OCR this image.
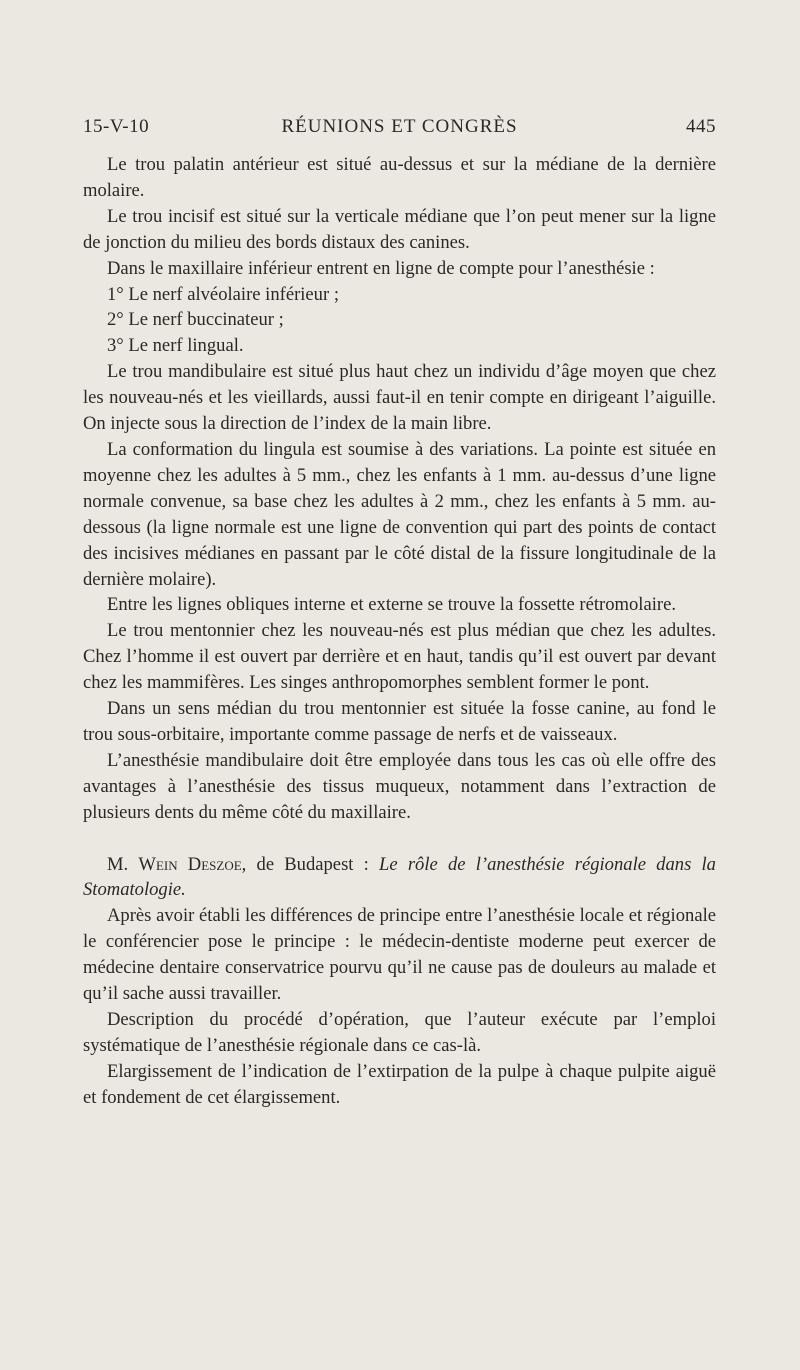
15-V-10	RÉUNIONS ET CONGRÈS	445

Le trou palatin antérieur est situé au-dessus et sur la médiane de la dernière molaire.

Le trou incisif est situé sur la verticale médiane que l’on peut mener sur la ligne de jonction du milieu des bords distaux des canines.

Dans le maxillaire inférieur entrent en ligne de compte pour l’anesthésie :

1° Le nerf alvéolaire inférieur ;

2° Le nerf buccinateur ;

3° Le nerf lingual.

Le trou mandibulaire est situé plus haut chez un individu d’âge moyen que chez les nouveau-nés et les vieillards, aussi faut-il en tenir compte en dirigeant l’aiguille. On injecte sous la direction de l’index de la main libre.

La conformation du lingula est soumise à des variations. La pointe est située en moyenne chez les adultes à 5 mm., chez les enfants à 1 mm. au-dessus d’une ligne normale convenue, sa base chez les adultes à 2 mm., chez les enfants à 5 mm. au-dessous (la ligne normale est une ligne de convention qui part des points de contact des incisives médianes en passant par le côté distal de la fissure longitudinale de la dernière molaire).

Entre les lignes obliques interne et externe se trouve la fossette rétromolaire.

Le trou mentonnier chez les nouveau-nés est plus médian que chez les adultes. Chez l’homme il est ouvert par derrière et en haut, tandis qu’il est ouvert par devant chez les mammifères. Les singes anthropomorphes semblent former le pont.

Dans un sens médian du trou mentonnier est située la fosse canine, au fond le trou sous-orbitaire, importante comme passage de nerfs et de vaisseaux.

L’anesthésie mandibulaire doit être employée dans tous les cas où elle offre des avantages à l’anesthésie des tissus muqueux, notamment dans l’extraction de plusieurs dents du même côté du maxillaire.

M. Wein Deszoe, de Budapest : Le rôle de l’anesthésie régionale dans la Stomatologie.

Après avoir établi les différences de principe entre l’anesthésie locale et régionale le conférencier pose le principe : le médecin-dentiste moderne peut exercer de médecine dentaire conservatrice pourvu qu’il ne cause pas de douleurs au malade et qu’il sache aussi travailler.

Description du procédé d’opération, que l’auteur exécute par l’emploi systématique de l’anesthésie régionale dans ce cas-là.

Elargissement de l’indication de l’extirpation de la pulpe à chaque pulpite aiguë et fondement de cet élargissement.
